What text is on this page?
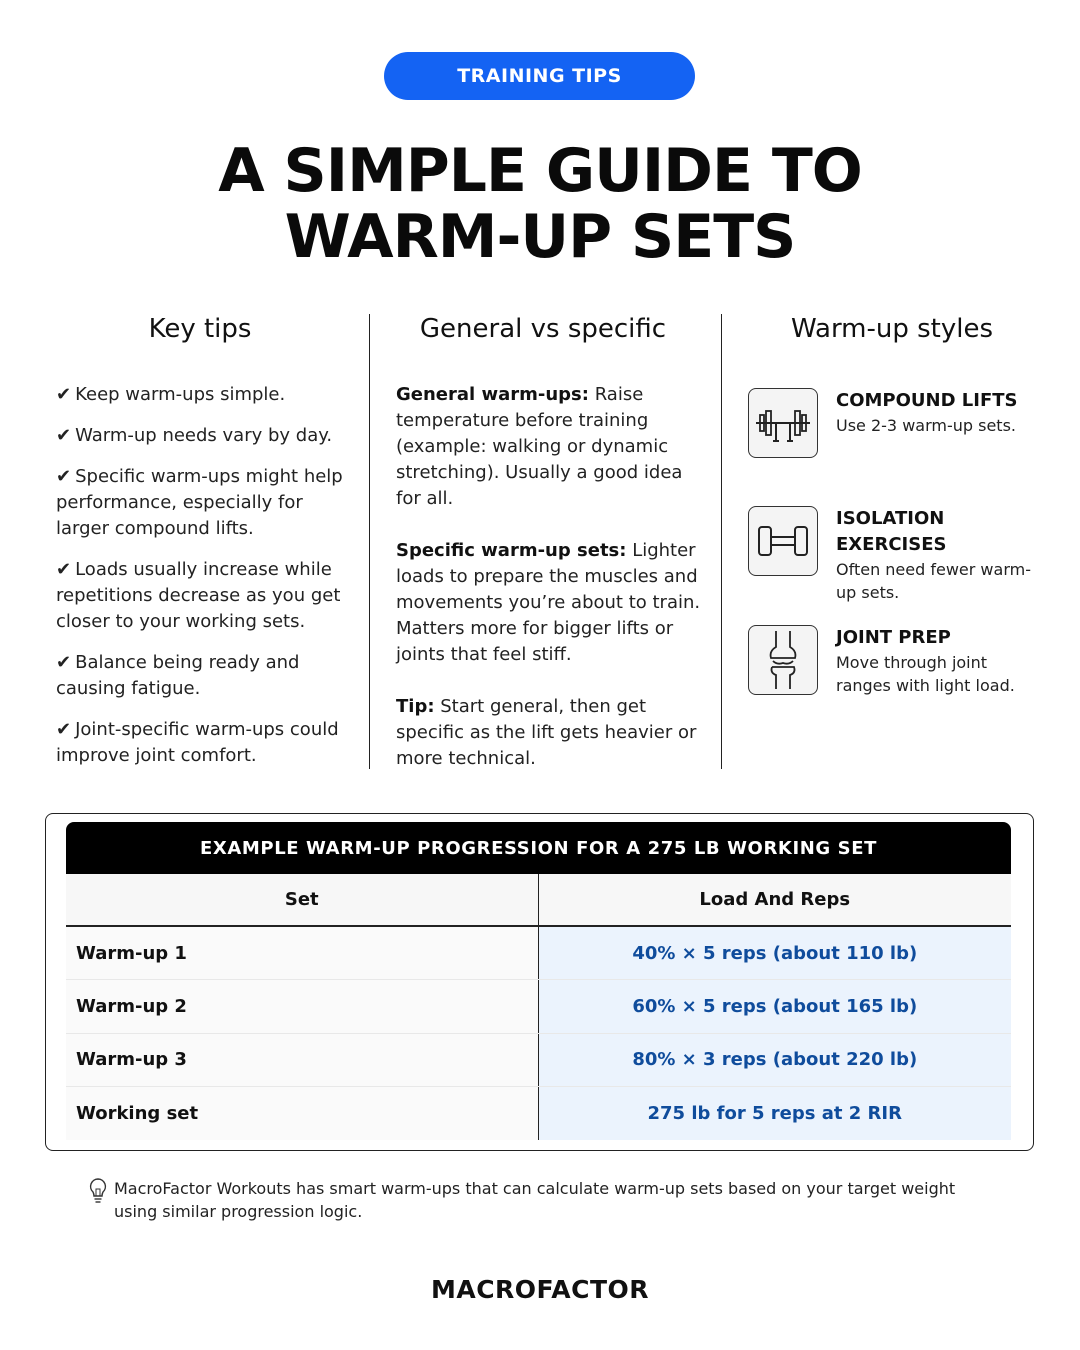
TRAINING TIPS
A SIMPLE GUIDE TO
WARM-UP SETS
Key tips

✔ Keep warm-ups simple.

✔ Warm-up needs vary by day.

✔ Specific warm-ups might help performance, especially for larger compound lifts.

✔ Loads usually increase while repetitions decrease as you get closer to your working sets.

✔ Balance being ready and causing fatigue.

✔ Joint-specific warm-ups could improve joint comfort.

General vs specific

General warm-ups: Raise temperature before training (example: walking or dynamic stretching). Usually a good idea for all.

Specific warm-up sets: Lighter loads to prepare the muscles and movements you’re about to train. Matters more for bigger lifts or joints that feel stiff.

Tip: Start general, then get specific as the lift gets heavier or more technical.

Warm-up styles
COMPOUND LIFTS
Use 2-3 warm-up sets.
ISOLATION EXERCISES
Often need fewer warm-up sets.
JOINT PREP
Move through joint ranges with light load.
EXAMPLE WARM-UP PROGRESSION FOR A 275 LB WORKING SET
Set	Load And Reps
Warm-up 1	40% × 5 reps (about 110 lb)
Warm-up 2	60% × 5 reps (about 165 lb)
Warm-up 3	80% × 3 reps (about 220 lb)
Working set	275 lb for 5 reps at 2 RIR

MacroFactor Workouts has smart warm-ups that can calculate warm-up sets based on your target weight using similar progression logic.

MACROFACTOR
